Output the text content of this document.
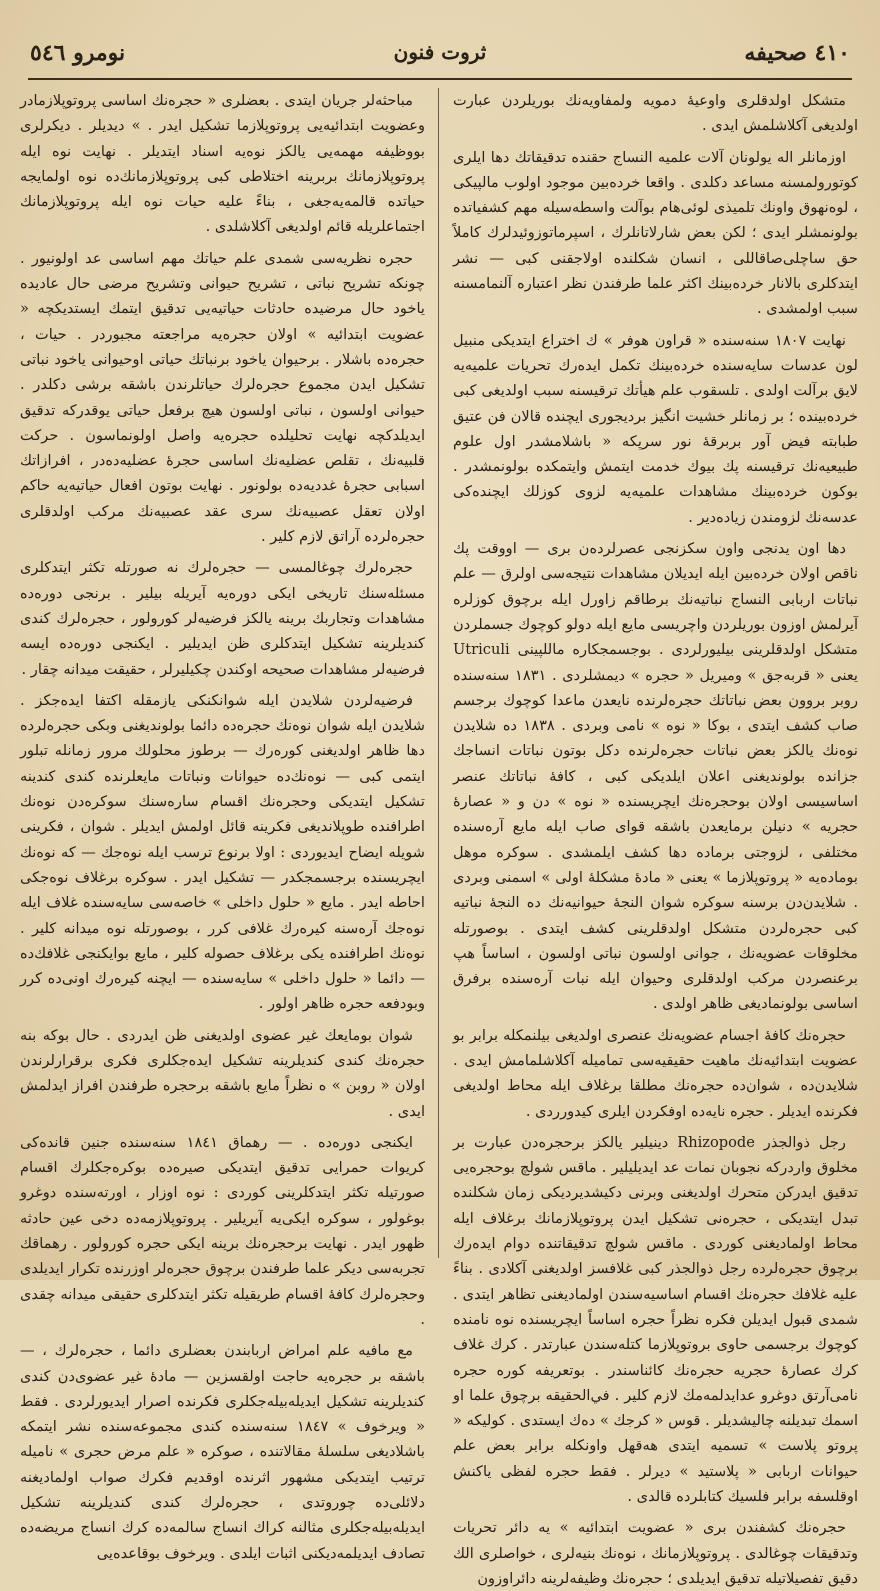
٤١٠ صحیفه
ثروت فنون
نومرو ٥٤٦

متشكل اولدقلری واوعیهٔ دمویه ولمفاویه‌نك بوریلردن عبارت اولدیغی آكلاشلمش ایدی .

اوزمانلر اله یولونان آلات علمیه النساج حقنده تدقیقاتك دها ایلری كوتورولمسنه مساعد دكلدی . واقعا خرده‌بین موجود اولوب مالپیكی ، لوه‌نهوق واونك تلمیذی لوئی‌هام بوآلت واسطه‌سیله مهم كشفیاتده بولونمشلر ایدی ؛ لكن بعض شارلاتانلرك ، اسپرماتوزوئیدلرك كاملاً حق ساچلی‌صاقاللی ، انسان شكلنده اولاجقنی كبی — نشر ایتدكلری بالانار خرده‌بینك اكثر علما طرفندن نظر اعتباره آلنمامسنه سبب اولمشدی .

نهایت ۱۸۰۷ سنه‌سنده « قراون هوفر » ك اختراع ایتدیكی منبیل لون عدسات سایه‌سنده خرده‌بینك تكمل ایده‌رك تحریات علمیه‌یه لایق برآلت اولدی . تلسقوب علم هیأتك ترقیسنه سبب اولدیغی كبی خرده‌بینده ؛ بر زمانلر خشیت انگیز بردیجوری ایچنده قالان فن عتیق طبابته فیض آور بربرقهٔ نور سرپكه « باشلامشدر اول علوم طبیعیه‌نك ترقیسنه پك بیوك خدمت ایتمش وایتمكده بولونمشدر . بوكون خرده‌بینك مشاهدات علمیه‌یه لزوی كوزلك ایچنده‌كی عدسه‌نك لزومندن زیاده‌دیر .

دها اون یدنجی واون سكزنجی عصرلرده‌ن بری — اووقت پك ناقص اولان خرده‌بین ایله ایدیلان مشاهدات نتیجه‌سی اولرق — علم نباتات اربابی النساج نباتیه‌نك برطاقم زاورل ایله برچوق كوزلره آیرلمش اوزون بوریلردن واچریسی مایع ایله دولو كوچوك جسملردن متشكل اولدقلرینی بیلیورلردی . بوجسمجكاره ماللپینی Utriculi یعنی « قربه‌جق » ومیریل « حجره » دیمشلردی . ۱۸۳۱ سنه‌سنده روبر بروون بعض نباتاتك حجره‌لرنده نایعدن ماعدا كوچوك برجسم صاب كشف ایتدی ، بوكا « نوه » نامی وبردی . ۱۸۳۸ ده شلایدن نوه‌نك یالكز بعض نباتات حجره‌لرنده دكل بوتون نباتات انساجك جزانده بولوندیغنی اعلان ایلدیكی كبی ، كافهٔ نباتاتك عنصر اساسیسی اولان بوحجره‌نك ایچریسنده‌ « نوه » دن و « عصارهٔ حجریه » دنیلن برمایعدن باشقه قوای صاب ایله مایع آره‌سنده مختلفی ، لزوجتی برماده دها كشف ایلمشدی . سوكره موهل بوماده‌یه « پروتوپلازما » یعنی « مادهٔ مشكلهٔ اولی » اسمنی وبردی . شلایدن‌دن برسنه سوكره شوان النجهٔ حیوانیه‌نك ده النجهٔ نباتیه كبی حجره‌لردن متشكل اولدقلرینی كشف ایتدی . بوصورتله مخلوقات عضویه‌نك ، جوانی اولسون نباتی اولسون ، اساساً هپ برعنصردن مركب اولدقلری وحیوان ایله نبات آره‌سنده برفرق اساسی بولونمادیغی ظاهر اولدی .

حجره‌نك كافهٔ اجسام عضویه‌نك عنصری اولدیغی بیلنمكله برابر بو عضویت ابتدائیه‌نك ماهیت حقیقیه‌سی تمامیله آكلاشلمامش ایدی . شلایدن‌ده ، شوان‌ده حجره‌نك مطلقا برغلاف ایله محاط اولدیغی فكرنده ایدیلر . حجره نایه‌ده اوفكردن ایلری كیدورردی .

رجل ذوالجذر Rhizopode دینیلیر یالكز برحجره‌دن عبارت بر مخلوق واردركه نجوبان نمات عد ایدیلیلیر . ماقس شولچ بوحجره‌یی تدقیق ایدركن متحرك اولدیغنی وبرنی دكیشدیرد‌یكی زمان شكلنده تبدل ایتدیكی ، حجره‌نی تشكیل ایدن پروتوپلازمانك برغلاف ایله محاط اولمادیغنی كوردی . ماقس شولچ تدقیقاتنده دوام ایده‌رك برچوق حجره‌لرده رجل ذوالجذر كبی غلافسز اولدیغنی آكلادی . بناءً علیه غلافك حجره‌نك اقسام اساسیه‌سندن اولمادیغنی تظاهر ایتدی . شمدی قبول ایدیلن فكره نظراً حجره اساساً ایچریسنده نوه نامنده كوچوك برجسمی حاوی بروتوپلازما كتله‌سندن عبارتدر . كرك غلاف كرك عصارهٔ حجریه حجره‌نك كائناسندر . بوتعریفه كوره حجره نامی‌آرتق دوغرو عدایدلمه‌مك لازم كلیر . في‌الحقیقه برچوق علما او اسمك تبدیلنه چالیشدیلر . قوس « كرجك » ده‌ك ایستدی . كولیكه « پروتو پلاست » تسمیه ایتدی هه‌قهل واونكله برابر بعض علم حیوانات اربابی « پلاستید » دیرلر . فقط حجره لفظی یاكنش اوقلسفه برابر فلسیك كتابلرده قالدی .

حجره‌نك كشفندن بری « عضویت ابتدائیه » یه دائر تحریات وتدقیقات چوغالدی . پروتوپلازمانك ، نوه‌نك بنیه‌لری ، خواصلری الك دقیق تفصیلاتیله تدقیق ایدیلدی ؛ حجره‌نك وظیفه‌لرینه دائراوزون

مباحثه‌لر جریان ایتدی . بعضلری « حجره‌نك اساسی پروتوپلازمادر وعضویت ابتدائیه‌یی پروتوپلازما تشكیل ایدر . » دیدیلر . دیكرلری بووظیفه مهمه‌یی یالكز نوه‌یه اسناد ایتدیلر . نهایت نوه ایله پروتوپلازمانك بربرینه اختلاطی كبی پروتوپلازمانك‌ده نوه اولمایجه حیاتده قالمه‌یه‌جغی ، بناءً علیه حیات نوه ایله پروتوپلازمانك اجتماعلریله قائم اولدیغی آكلاشلدی .

حجره نظریه‌سی شمدی علم حیاتك مهم اساسی عد اولونیور . چونكه تشریح نباتی ، تشریح حیوانی وتشریح مرضی حال عادیده یاخود حال مرضیده حادثات حیاتیه‌یی تدقیق ایتمك ایستدیكچه « عضویت ابتدائیه » اولان حجره‌یه مراجعته مجبوردر . حیات ، حجره‌ده باشلار . برحیوان یاخود برنباتك حیاتی اوحیوانی یاخود نباتی تشكیل ایدن مجموع حجره‌لرك حیاتلرندن باشقه برشی دكلدر . حیوانی اولسون ، نباتی اولسون هیچ برفعل حیاتی یوقدركه تدقیق ایدیلدكچه نهایت تحلیلده حجره‌یه واصل اولونماسون . حركت قلبیه‌نك ، تقلص عضلیه‌نك اساسی حجرهٔ عضلیه‌ده‌در ، افرازاتك اسبابی حجرهٔ غددیه‌ده بولونور . نهایت بوتون افعال حیاتیه‌یه حاكم اولان تعقل عصبیه‌نك سری عقد عصبیه‌نك مركب اولدقلری حجره‌لرده آراتق لازم كلیر .

حجره‌لرك چوغالمسی — حجره‌لرك نه صورتله تكثر ایتدكلری مسئله‌سنك تاریخی ایكی دوره‌یه آیریله بیلیر . برنجی دوره‌ده مشاهدات وتجاربك برینه یالكز فرضیه‌لر كورولور ، حجره‌لرك كندی كندیلرینه تشكیل ایتدكلری ظن ایدیلیر . ایكنجی دوره‌ده ایسه فرضیه‌لر مشاهدات صحیحه اوكندن چكیلیرلر ، حقیقت میدانه چقار .

فرضیه‌لردن شلایدن ایله شوانكنكی یازمقله اكتفا ایده‌جكز . شلایدن ایله شوان نوه‌نك حجره‌ده دائما بولوندیغنی وبكی حجره‌لرده دها ظاهر اولدیغنی كوره‌رك — برطوز محلولك مرور زمانله تبلور ایتمی كبی — نوه‌نك‌ده حیوانات ونباتات مایعلرنده كندی كندینه تشكیل ایتدیكی وحجره‌نك اقسام ساره‌سنك سوكره‌دن نوه‌نك اطرافنده طوپلاندیغی فكرینه قائل اولمش ایدیلر . شوان ، فكرینی شویله ایضاح ایدیوردی : اولا برنوع ترسب ایله نوه‌جك — كه نوه‌نك ایچریسنده برجسمجكدر — تشكیل ایدر . سوكره برغلاف نوه‌جكی احاطه ایدر . مایع « حلول داخلی » خاصه‌سی سایه‌سنده غلاف ایله نوه‌جك آره‌سنه كیره‌رك غلافی كرر ، بوصورتله نوه میدانه كلیر . نوه‌نك اطرافنده یكی برغلاف حصوله كلیر ، مایع بوایكنجی غلافك‌ده — دائما « حلول داخلی » سایه‌سنده — ایچنه كیره‌رك اونی‌ده كرر وبودفعه حجره ظاهر اولور .

شوان بومایعك غیر عضوی اولدیغنی ظن ایدردی . حال بوكه بنه حجره‌نك كندی كندیلرینه تشكیل ایده‌جكلری فكری برقرارلرندن اولان « روبن » ه نظراً مایع باشقه برحجره طرفندن افراز ایدلمش ایدی .

ایكنجی دوره‌ده . — رهماق ۱۸٤۱ سنه‌سنده جنین قانده‌كی كریوات حمرایی تدقیق ایتدیكی صیره‌ده بوكره‌جكلرك اقسام صورتیله تكثر ایتدكلرینی كوردی : نوه اوزار ، اورته‌سنده دوغرو بوغولور ، سوكره ایكی‌یه آیریلیر . پروتوپلازمه‌ده دخی عین حادثه ظهور ایدر . نهایت برحجره‌نك برینه ایكی حجره كورولور . رهماقك تجربه‌سی دیكر علما طرفندن برچوق حجره‌لر اوزرنده تكرار ایدیلدی وحجره‌لرك كافهٔ اقسام طریقیله تكثر ایتدكلری حقیقی میدانه چقدی .

مع مافیه علم امراض اربابندن بعضلری دائما ، حجره‌لرك ، — باشقه بر حجره‌یه حاجت اولقسزین — مادهٔ غیر عضوی‌دن كندی كندیلرینه تشكیل ایدیله‌بیله‌جكلری فكرنده اصرار ایدیورلردی . فقط « ویرخوف » ۱۸٤۷ سنه‌سنده كندی مجموعه‌سنده نشر ایتمكه باشلادیغی سلسلهٔ مقالاتنده ، صوكره « علم مرض حجری » نامیله ترتیب ایتدیكی مشهور اثرنده اوقدیم فكرك صواب اولمادیغنه دلائلی‌ده چوروتدی ، حجره‌لرك كندی كندیلرینه تشكیل ایدیله‌بیله‌جكلری مثالنه كراك انساج سالمه‌ده كرك انساج مریضه‌ده تصادف ایدیلمه‌دیكنی اثبات ایلدی . ویرخوف بوقاعده‌یی
